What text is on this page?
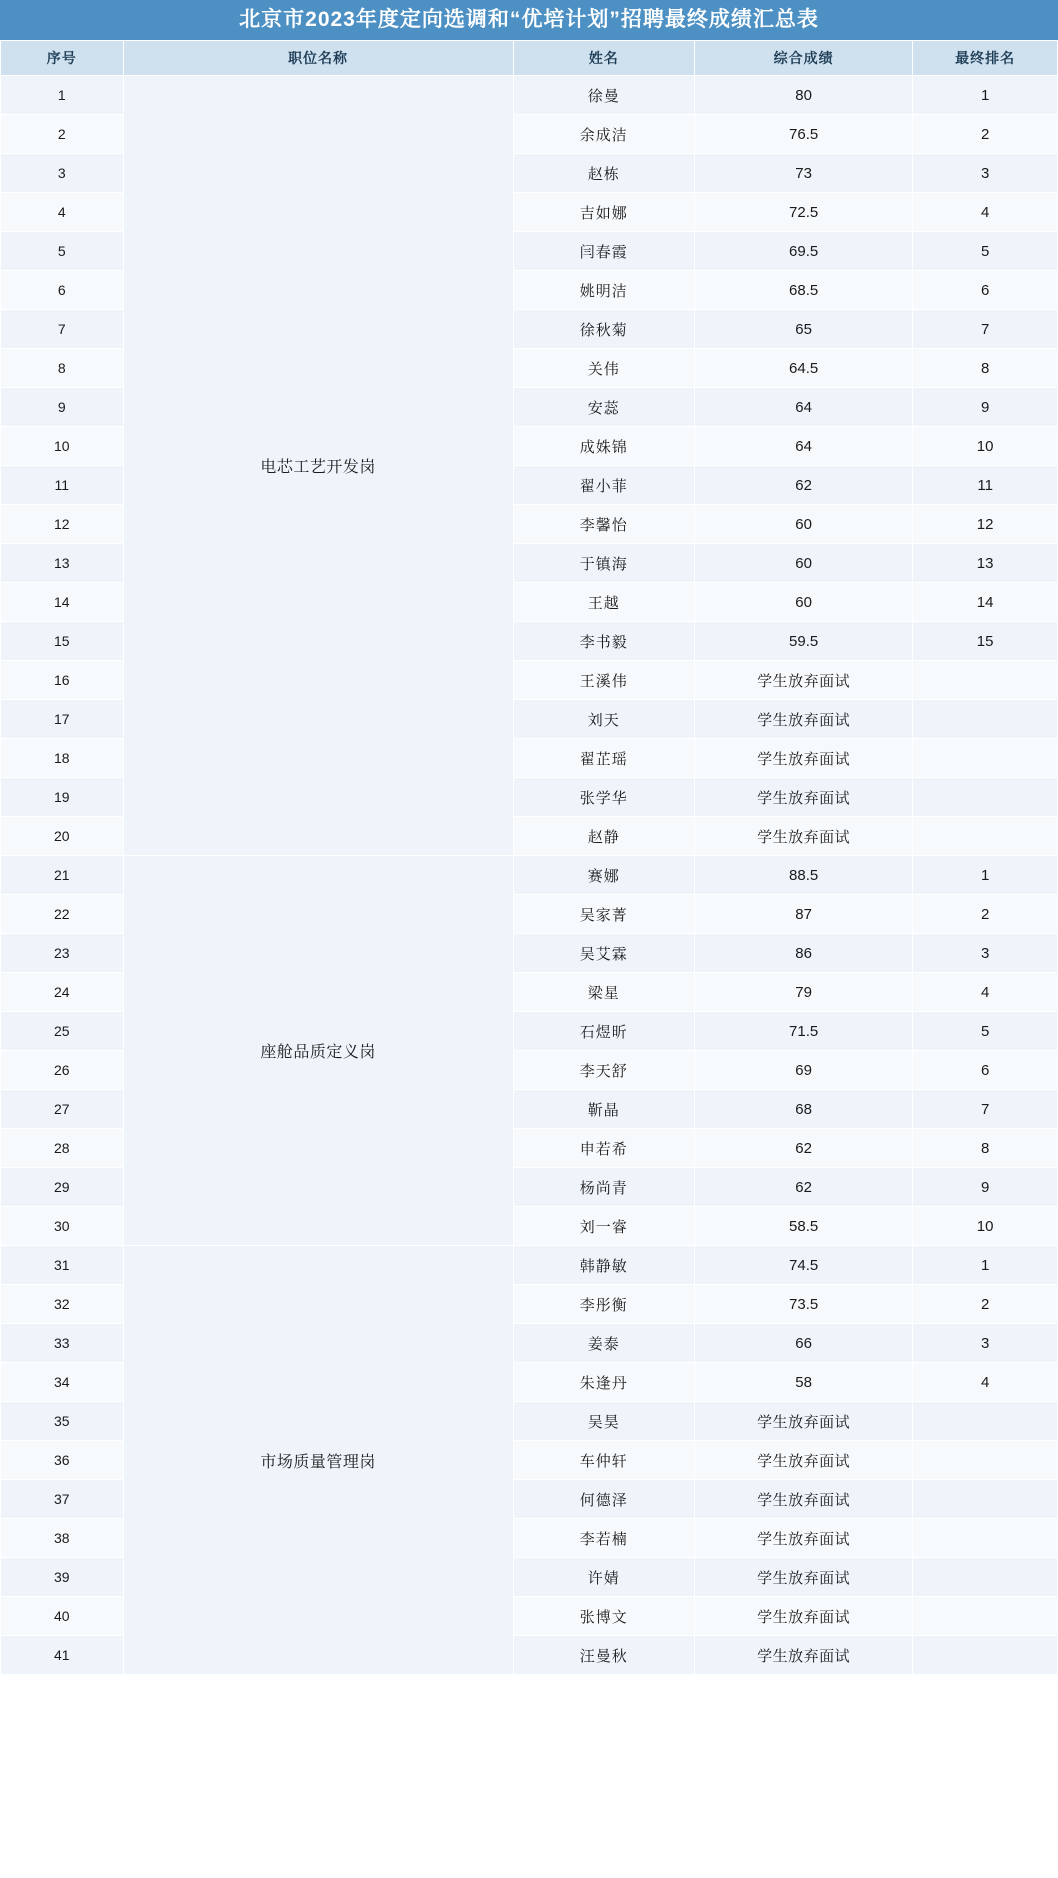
北京市2023年度定向选调和“优培计划”招聘最终成绩汇总表
序号	职位名称	姓名	综合成绩	最终排名
1	电芯工艺开发岗	徐曼	80	1
2		余成洁	76.5	2
3		赵栋	73	3
4		吉如娜	72.5	4
5		闫春霞	69.5	5
6		姚明洁	68.5	6
7		徐秋菊	65	7
8		关伟	64.5	8
9		安蕊	64	9
10		成姝锦	64	10
11		翟小菲	62	11
12		李馨怡	60	12
13		于镇海	60	13
14		王越	60	14
15		李书毅	59.5	15
16		王溪伟	学生放弃面试	
17		刘天	学生放弃面试	
18		翟芷瑶	学生放弃面试	
19		张学华	学生放弃面试	
20		赵静	学生放弃面试	
21	座舱品质定义岗	赛娜	88.5	1
22		吴家菁	87	2
23		吴艾霖	86	3
24		梁星	79	4
25		石煜昕	71.5	5
26		李天舒	69	6
27		靳晶	68	7
28		申若希	62	8
29		杨尚青	62	9
30		刘一睿	58.5	10
31	市场质量管理岗	韩静敏	74.5	1
32		李彤衡	73.5	2
33		姜泰	66	3
34		朱逢丹	58	4
35		吴昊	学生放弃面试	
36		车仲轩	学生放弃面试	
37		何德泽	学生放弃面试	
38		李若楠	学生放弃面试	
39		许婧	学生放弃面试	
40		张博文	学生放弃面试	
41		汪曼秋	学生放弃面试	
